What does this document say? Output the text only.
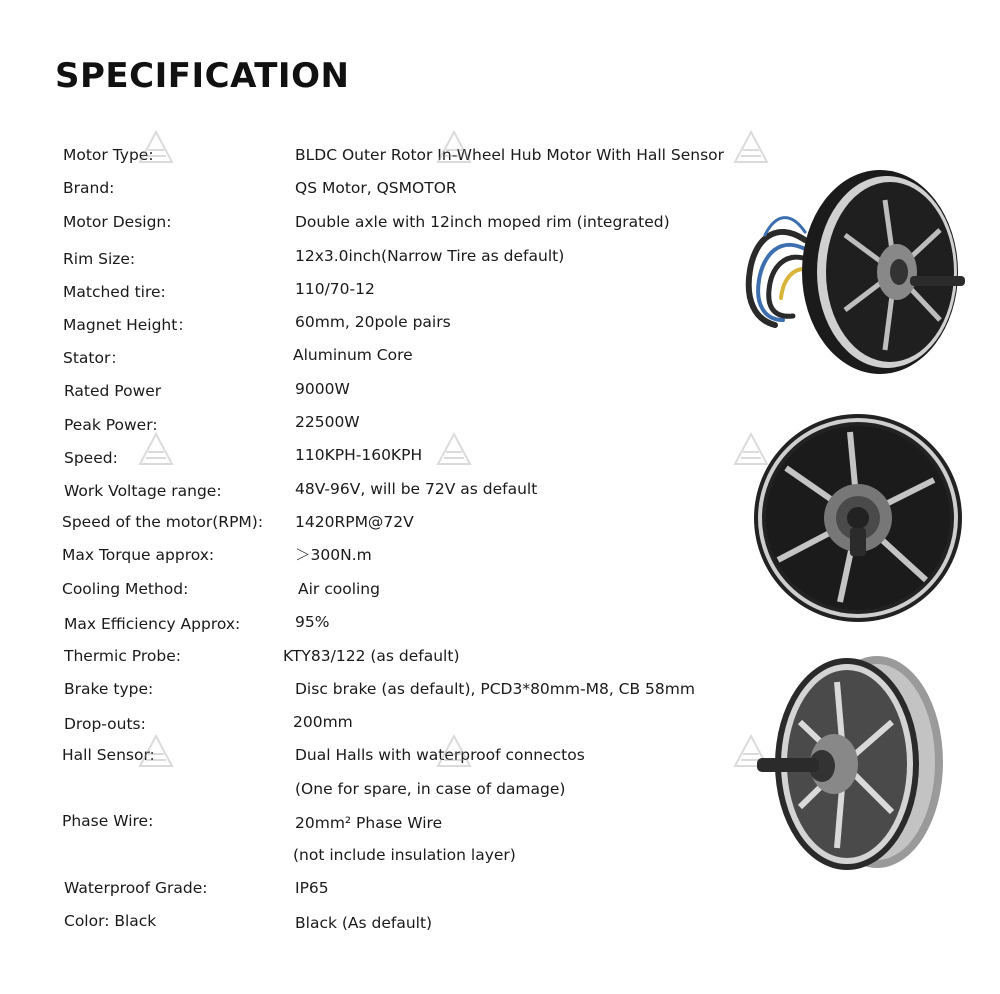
SPECIFICATION
Motor Type:	BLDC Outer Rotor In-Wheel Hub Motor With Hall Sensor
Brand:	QS Motor, QSMOTOR
Motor Design:	Double axle with 12inch moped rim (integrated)
Rim Size:	12x3.0inch(Narrow Tire as default)
Matched tire:	110/70-12
Magnet Height：	60mm, 20pole pairs
Stator：	Aluminum Core
Rated Power	9000W
Peak Power:	22500W
Speed:	110KPH-160KPH
Work Voltage range:	48V-96V, will be 72V as default
Speed of the motor(RPM): 1420RPM@72V
Max Torque approx:	＞300N.m
Cooling Method:	Air cooling
Max Efficiency Approx:	95%
Thermic Probe:	KTY83/122 (as default)
Brake type:	Disc brake (as default), PCD3*80mm-M8, CB 58mm
Drop-outs:	200mm
Hall Sensor:	Dual Halls with waterproof connectos
(One for spare, in case of damage)
Phase Wire:	20mm² Phase Wire
(not include insulation layer)
Waterproof Grade:	IP65
Color: Black	Black (As default)
